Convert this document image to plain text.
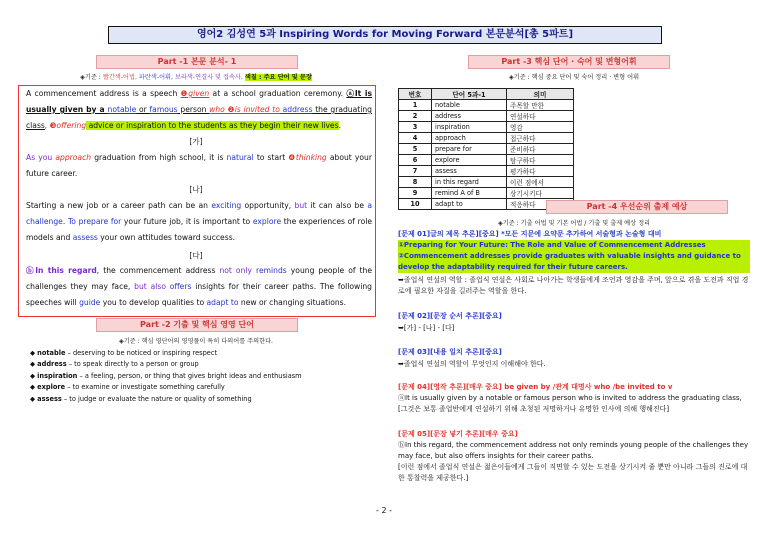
영어2 김성연 5과 Inspiring Words for Moving Forward 본문분석[총 5파트]
Part -1 본문 분석- 1
◈기준 : 빨간색-어법, 파란색-어휘, 보라색-연결사 및 접속사, 색칠 : 주요 단어 및 문장
A commencement address is a speech ❶given at a school graduation ceremony. ⓐIt is usually given by a notable or famous person who ❷is invited to address the graduating class, ❸offering advice or inspiration to the students as they begin their new lives.
[가]
As you approach graduation from high school, it is natural to start ❹thinking about your future career.
[나]
Starting a new job or a career path can be an exciting opportunity, but it can also be a challenge. To prepare for your future job, it is important to explore the experiences of role models and assess your own attitudes toward success.
[다]
ⓑIn this regard, the commencement address not only reminds young people of the challenges they may face, but also offers insights for their career paths. The following speeches will guide you to develop qualities to adapt to new or changing situations.
Part -2 기출 및 핵심 영영 단어
◈기준 : 핵심 영단어의 영영풀이 특히 다의어를 주의한다.
◆ notable – deserving to be noticed or inspiring respect
◆ address – to speak directly to a person or group
◆ inspiration – a feeling, person, or thing that gives bright ideas and enthusiasm
◆ explore – to examine or investigate something carefully
◆ assess – to judge or evaluate the nature or quality of something
Part -3 핵심 단어 · 숙어 및 변형어휘
◈기준 : 핵심 중요 단어 및 숙어 정리 · 변형 어휘
번호	단어 5과-1	의미
1	notable	주목할 만한
2	address	연설하다
3	inspiration	영감
4	approach	접근하다
5	prepare for	준비하다
6	explore	탐구하다
7	assess	평가하다
8	in this regard	이런 점에서
9	remind A of B	상기시키다
10	adapt to	적응하다	Part -4 우선순위 출제 예상
◈기준 : 기출 어법 및 기본 어법 / 기출 및 출제 예상 정리
[문제 01]글의 제목 추론][중요] *모든 지문에 요약문 추가하여 서술형과 논술형 대비
①Preparing for Your Future: The Role and Value of Commencement Addresses
②Commencement addresses provide graduates with valuable insights and guidance to develop the adaptability required for their future careers.
➥졸업식 연설의 역할 : 졸업식 연설은 사회로 나아가는 학생들에게 조언과 영감을 주며, 앞으로 겪을 도전과 직업 경로에 필요한 자질을 길러주는 역할을 한다.
[문제 02][문장 순서 추론][중요]
➥[가] - [나] - [다]
[문제 03][내용 일치 추론][중요]
➥졸업식 연설의 역할이 무엇인지 이해해야 한다.
[문제 04][영작 추론][매우 중요] be given by /관계 대명사 who /be invited to v
ⓐIt is usually given by a notable or famous person who is invited to address the graduating class,
[그것은 보통 졸업반에게 연설하기 위해 초청된 저명하거나 유명한 인사에 의해 행해진다]
[문제 05][문장 넣기 추론][매우 중요]
ⓑIn this regard, the commencement address not only reminds young people of the challenges they may face, but also offers insights for their career paths.
[이런 점에서 졸업식 연설은 젊은이들에게 그들이 직면할 수 있는 도전을 상기시켜 줄 뿐만 아니라 그들의 진로에 대한 통찰력을 제공한다.]
- 2 -
